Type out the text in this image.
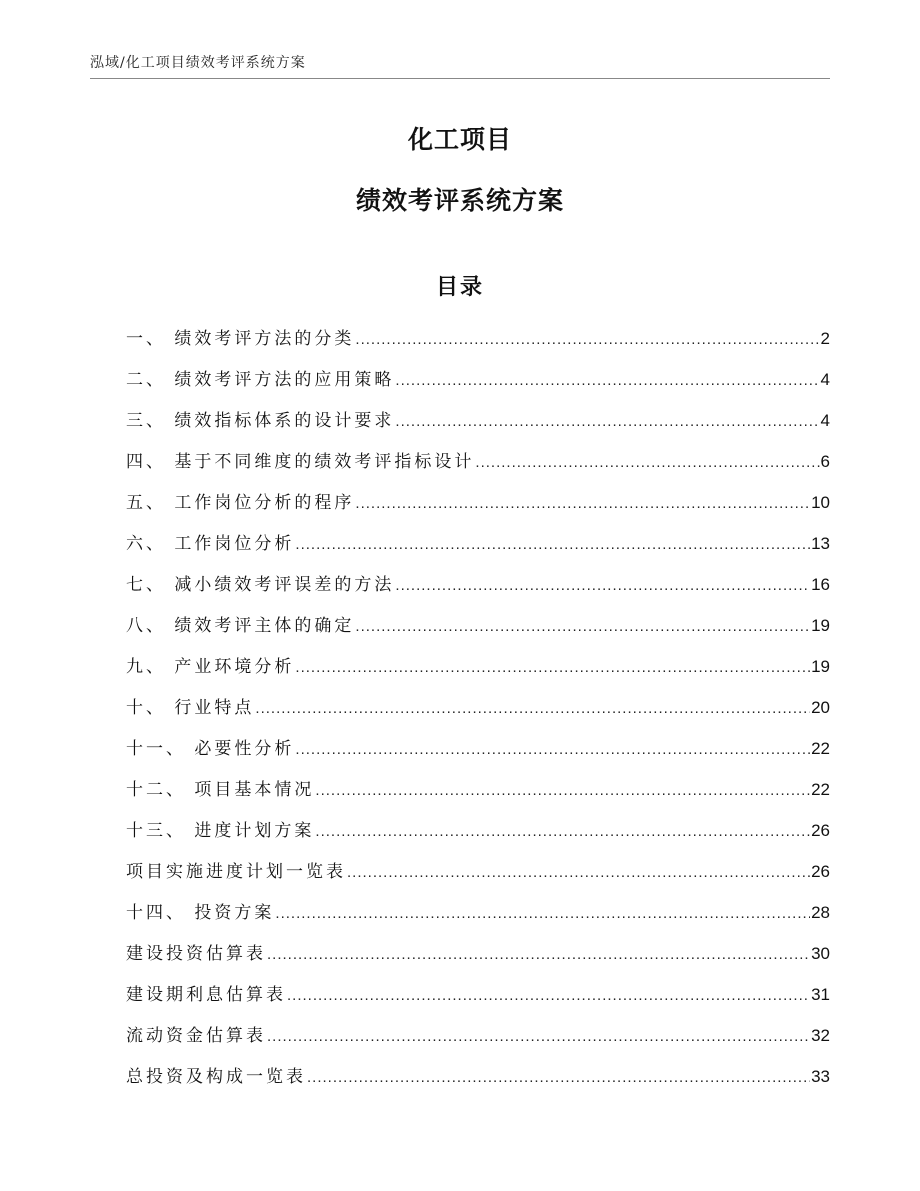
泓域/化工项目绩效考评系统方案
化工项目
绩效考评系统方案
目录
一、 绩效考评方法的分类 .....	2
二、 绩效考评方法的应用策略 .....	4
三、 绩效指标体系的设计要求 .....	4
四、 基于不同维度的绩效考评指标设计 .....	6
五、 工作岗位分析的程序 .....	10
六、 工作岗位分析 .....	13
七、 减小绩效考评误差的方法 .....	16
八、 绩效考评主体的确定 .....	19
九、 产业环境分析 .....	19
十、 行业特点 .....	20
十一、 必要性分析 .....	22
十二、 项目基本情况 .....	22
十三、 进度计划方案 .....	26
项目实施进度计划一览表 .....	26
十四、 投资方案 .....	28
建设投资估算表 .....	30
建设期利息估算表 .....	31
流动资金估算表 .....	32
总投资及构成一览表 .....	33
